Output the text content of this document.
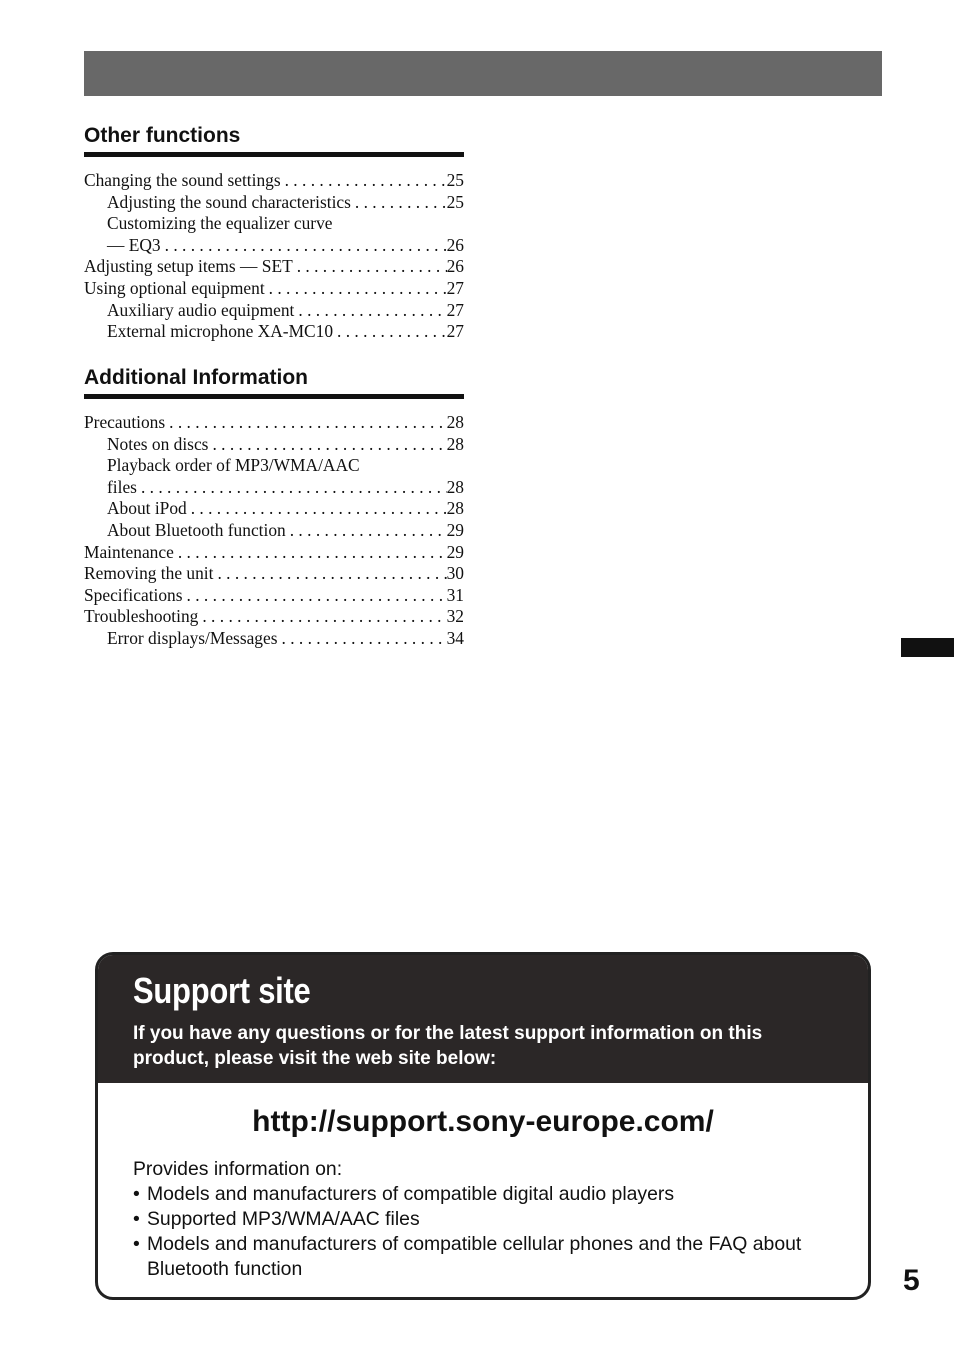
Other functions
Changing the sound settings . . .	25
Adjusting the sound characteristics . . .	25
Customizing the equalizer curve
— EQ3 . . .	26
Adjusting setup items — SET . . .	26
Using optional equipment . . .	27
Auxiliary audio equipment . . .	27
External microphone XA-MC10 . . .	27
Additional Information
Precautions . . .	28
Notes on discs . . .	28
Playback order of MP3/WMA/AAC
files . . .	28
About iPod . . .	28
About Bluetooth function . . .	29
Maintenance . . .	29
Removing the unit . . .	30
Specifications . . .	31
Troubleshooting . . .	32
Error displays/Messages . . .	34
Support site
If you have any questions or for the latest support information on this product, please visit the web site below:
http://support.sony-europe.com/
Provides information on:
• Models and manufacturers of compatible digital audio players
• Supported MP3/WMA/AAC files
• Models and manufacturers of compatible cellular phones and the FAQ about Bluetooth function	5
